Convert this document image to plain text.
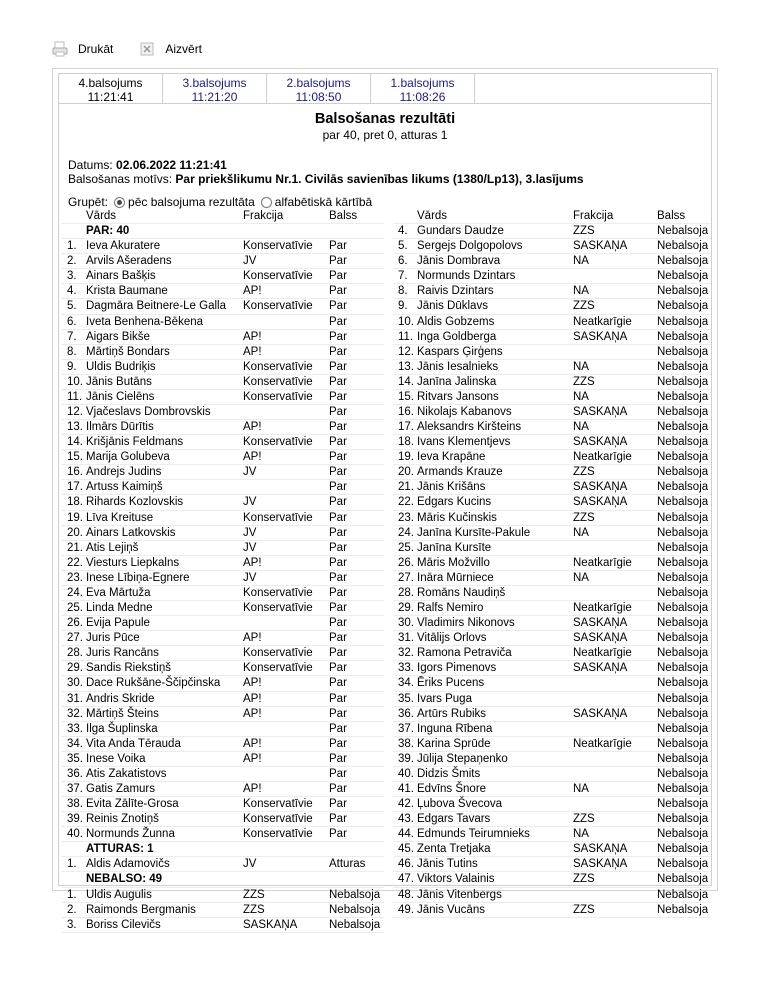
Drukāt	Aizvērt
4.balsojums
11:21:41
3.balsojums
11:21:20
2.balsojums
11:08:50
1.balsojums
11:08:26
Balsošanas rezultāti
par 40, pret 0, atturas 1
Datums: 02.06.2022 11:21:41
Balsošanas motīvs: Par priekšlikumu Nr.1. Civilās savienības likums (1380/Lp13), 3.lasījums
Grupēt: pēc balsojuma rezultāta alfabētiskā kārtībā
Vārds	Frakcija	Balss
PAR: 40
1. Ieva Akuratere	Konservatīvie Par
2. Arvils Ašeradens	JV	Par
3. Ainars Bašķis	Konservatīvie Par
4. Krista Baumane	AP!	Par
5. Dagmāra Beitnere-Le Galla Konservatīvie Par
6. Iveta Benhena-Bēkena	Par
7. Aigars Bikše	AP!	Par
8. Mārtiņš Bondars	AP!	Par
9. Uldis Budriķis	Konservatīvie Par
10. Jānis Butāns	Konservatīvie Par
11. Jānis Cielēns	Konservatīvie Par
12. Vjačeslavs Dombrovskis	Par
13. Ilmārs Dūrītis	AP!	Par
14. Krišjānis Feldmans	Konservatīvie Par
15. Marija Golubeva	AP!	Par
16. Andrejs Judins	JV	Par
17. Artuss Kaimiņš	Par
18. Rihards Kozlovskis	JV	Par
19. Līva Kreituse	Konservatīvie Par
20. Ainars Latkovskis	JV	Par
21. Atis Lejiņš	JV	Par
22. Viesturs Liepkalns	AP!	Par
23. Inese Lībiņa-Egnere	JV	Par
24. Eva Mārtuža	Konservatīvie Par
25. Linda Medne	Konservatīvie Par
26. Evija Papule	Par
27. Juris Pūce	AP!	Par
28. Juris Rancāns	Konservatīvie Par
29. Sandis Riekstiņš	Konservatīvie Par
30. Dace Rukšāne-Ščipčinska AP!	Par
31. Andris Skride	AP!	Par
32. Mārtiņš Šteins	AP!	Par
33. Ilga Šuplinska	Par
34. Vita Anda Tērauda	AP!	Par
35. Inese Voika	AP!	Par
36. Atis Zakatistovs	Par
37. Gatis Zamurs	AP!	Par
38. Evita Zālīte-Grosa	Konservatīvie Par
39. Reinis Znotiņš	Konservatīvie Par
40. Normunds Žunna	Konservatīvie Par
ATTURAS: 1
1. Aldis Adamovičs	JV	Atturas
NEBALSO: 49
1. Uldis Augulis	ZZS	Nebalsoja
2. Raimonds Bergmanis	ZZS	Nebalsoja
3. Boriss Cilevičs	SASKAŅA	Nebalsoja
Vārds	Frakcija	Balss
4. Gundars Daudze	ZZS	Nebalsoja
5. Sergejs Dolgopolovs	SASKAŅA	Nebalsoja
6. Jānis Dombrava	NA	Nebalsoja
7. Normunds Dzintars	Nebalsoja
8. Raivis Dzintars	NA	Nebalsoja
9. Jānis Dūklavs	ZZS	Nebalsoja
10. Aldis Gobzems	Neatkarīgie Nebalsoja
11. Inga Goldberga	SASKAŅA	Nebalsoja
12. Kaspars Ģirģens	Nebalsoja
13. Jānis Iesalnieks	NA	Nebalsoja
14. Janīna Jalinska	ZZS	Nebalsoja
15. Ritvars Jansons	NA	Nebalsoja
16. Nikolajs Kabanovs	SASKAŅA	Nebalsoja
17. Aleksandrs Kiršteins	NA	Nebalsoja
18. Ivans Klementjevs	SASKAŅA	Nebalsoja
19. Ieva Krapāne	Neatkarīgie Nebalsoja
20. Armands Krauze	ZZS	Nebalsoja
21. Jānis Krišāns	SASKAŅA	Nebalsoja
22. Edgars Kucins	SASKAŅA	Nebalsoja
23. Māris Kučinskis	ZZS	Nebalsoja
24. Janīna Kursīte-Pakule	NA	Nebalsoja
25. Janīna Kursīte	Nebalsoja
26. Māris Možvillo	Neatkarīgie Nebalsoja
27. Ināra Mūrniece	NA	Nebalsoja
28. Romāns Naudiņš	Nebalsoja
29. Ralfs Nemiro	Neatkarīgie Nebalsoja
30. Vladimirs Nikonovs	SASKAŅA	Nebalsoja
31. Vitālijs Orlovs	SASKAŅA	Nebalsoja
32. Ramona Petraviča	Neatkarīgie Nebalsoja
33. Igors Pimenovs	SASKAŅA	Nebalsoja
34. Ēriks Pucens	Nebalsoja
35. Ivars Puga	Nebalsoja
36. Artūrs Rubiks	SASKAŅA	Nebalsoja
37. Inguna Rībena	Nebalsoja
38. Karina Sprūde	Neatkarīgie Nebalsoja
39. Jūlija Stepaņenko	Nebalsoja
40. Didzis Šmits	Nebalsoja
41. Edvīns Šnore	NA	Nebalsoja
42. Ļubova Švecova	Nebalsoja
43. Edgars Tavars	ZZS	Nebalsoja
44. Edmunds Teirumnieks	NA	Nebalsoja
45. Zenta Tretjaka	SASKAŅA	Nebalsoja
46. Jānis Tutins	SASKAŅA	Nebalsoja
47. Viktors Valainis	ZZS	Nebalsoja
48. Jānis Vitenbergs	Nebalsoja
49. Jānis Vucāns	ZZS	Nebalsoja
